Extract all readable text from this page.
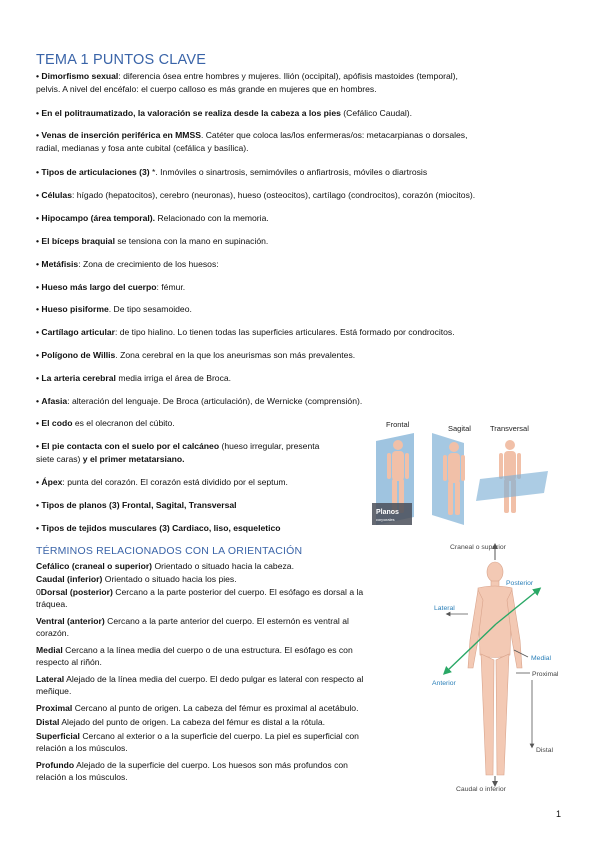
TEMA 1 PUNTOS CLAVE

• Dimorfismo sexual: diferencia ósea entre hombres y mujeres. Ilión (occipital), apófisis mastoides (temporal),
pelvis. A nivel del encéfalo: el cuerpo calloso es más grande en mujeres que en hombres.

• En el politraumatizado, la valoración se realiza desde la cabeza a los pies (Cefálico Caudal).

• Venas de inserción periférica en MMSS. Catéter que coloca las/los enfermeras/os: metacarpianas o dorsales,
radial, medianas y fosa ante cubital (cefálica y basílica).

• Tipos de articulaciones (3) *. Inmóviles o sinartrosis, semimóviles o anfiartrosis, móviles o diartrosis

• Células: hígado (hepatocitos), cerebro (neuronas), hueso (osteocitos), cartílago (condrocitos), corazón (miocitos).

• Hipocampo (área temporal). Relacionado con la memoria.

• El bíceps braquial se tensiona con la mano en supinación.

• Metáfisis: Zona de crecimiento de los huesos:

• Hueso más largo del cuerpo: fémur.

• Hueso pisiforme. De tipo sesamoideo.

• Cartílago articular: de tipo hialino. Lo tienen todas las superficies articulares. Está formado por condrocitos.

• Polígono de Willis. Zona cerebral en la que los aneurismas son más prevalentes.

• La arteria cerebral media irriga el área de Broca.

• Afasia: alteración del lenguaje. De Broca (articulación), de Wernicke (comprensión).

• El codo es el olecranon del cúbito.

• El pie contacta con el suelo por el calcáneo (hueso irregular, presenta
siete caras) y el primer metatarsiano.

• Ápex: punta del corazón. El corazón está dividido por el septum.

• Tipos de planos (3) Frontal, Sagital, Transversal

• Tipos de tejidos musculares (3) Cardiaco, liso, esqueletico

Frontal	Sagital	Transversal
Planos
corporales
TÉRMINOS RELACIONADOS CON LA ORIENTACIÓN

Cefálico (craneal o superior) Orientado o situado hacia la cabeza.

Caudal (inferior) Orientado o situado hacia los pies.

0Dorsal (posterior) Cercano a la parte posterior del cuerpo. El esófago es dorsal a la
tráquea.

Ventral (anterior) Cercano a la parte anterior del cuerpo. El esternón es ventral al
corazón.

Medial Cercano a la línea media del cuerpo o de una estructura. El esófago es con
respecto al riñón.

Lateral Alejado de la línea media del cuerpo. El dedo pulgar es lateral con respecto al
meñique.

Proximal Cercano al punto de origen. La cabeza del fémur es proximal al acetábulo.

Distal Alejado del punto de origen. La cabeza del fémur es distal a la rótula.

Superficial Cercano al exterior o a la superficie del cuerpo. La piel es superficial con
relación a los músculos.

Profundo Alejado de la superficie del cuerpo. Los huesos son más profundos con
relación a los músculos.

Craneal o superior
Posterior
Lateral
Medial
Anterior
Proximal
Distal
Caudal o inferior
1
